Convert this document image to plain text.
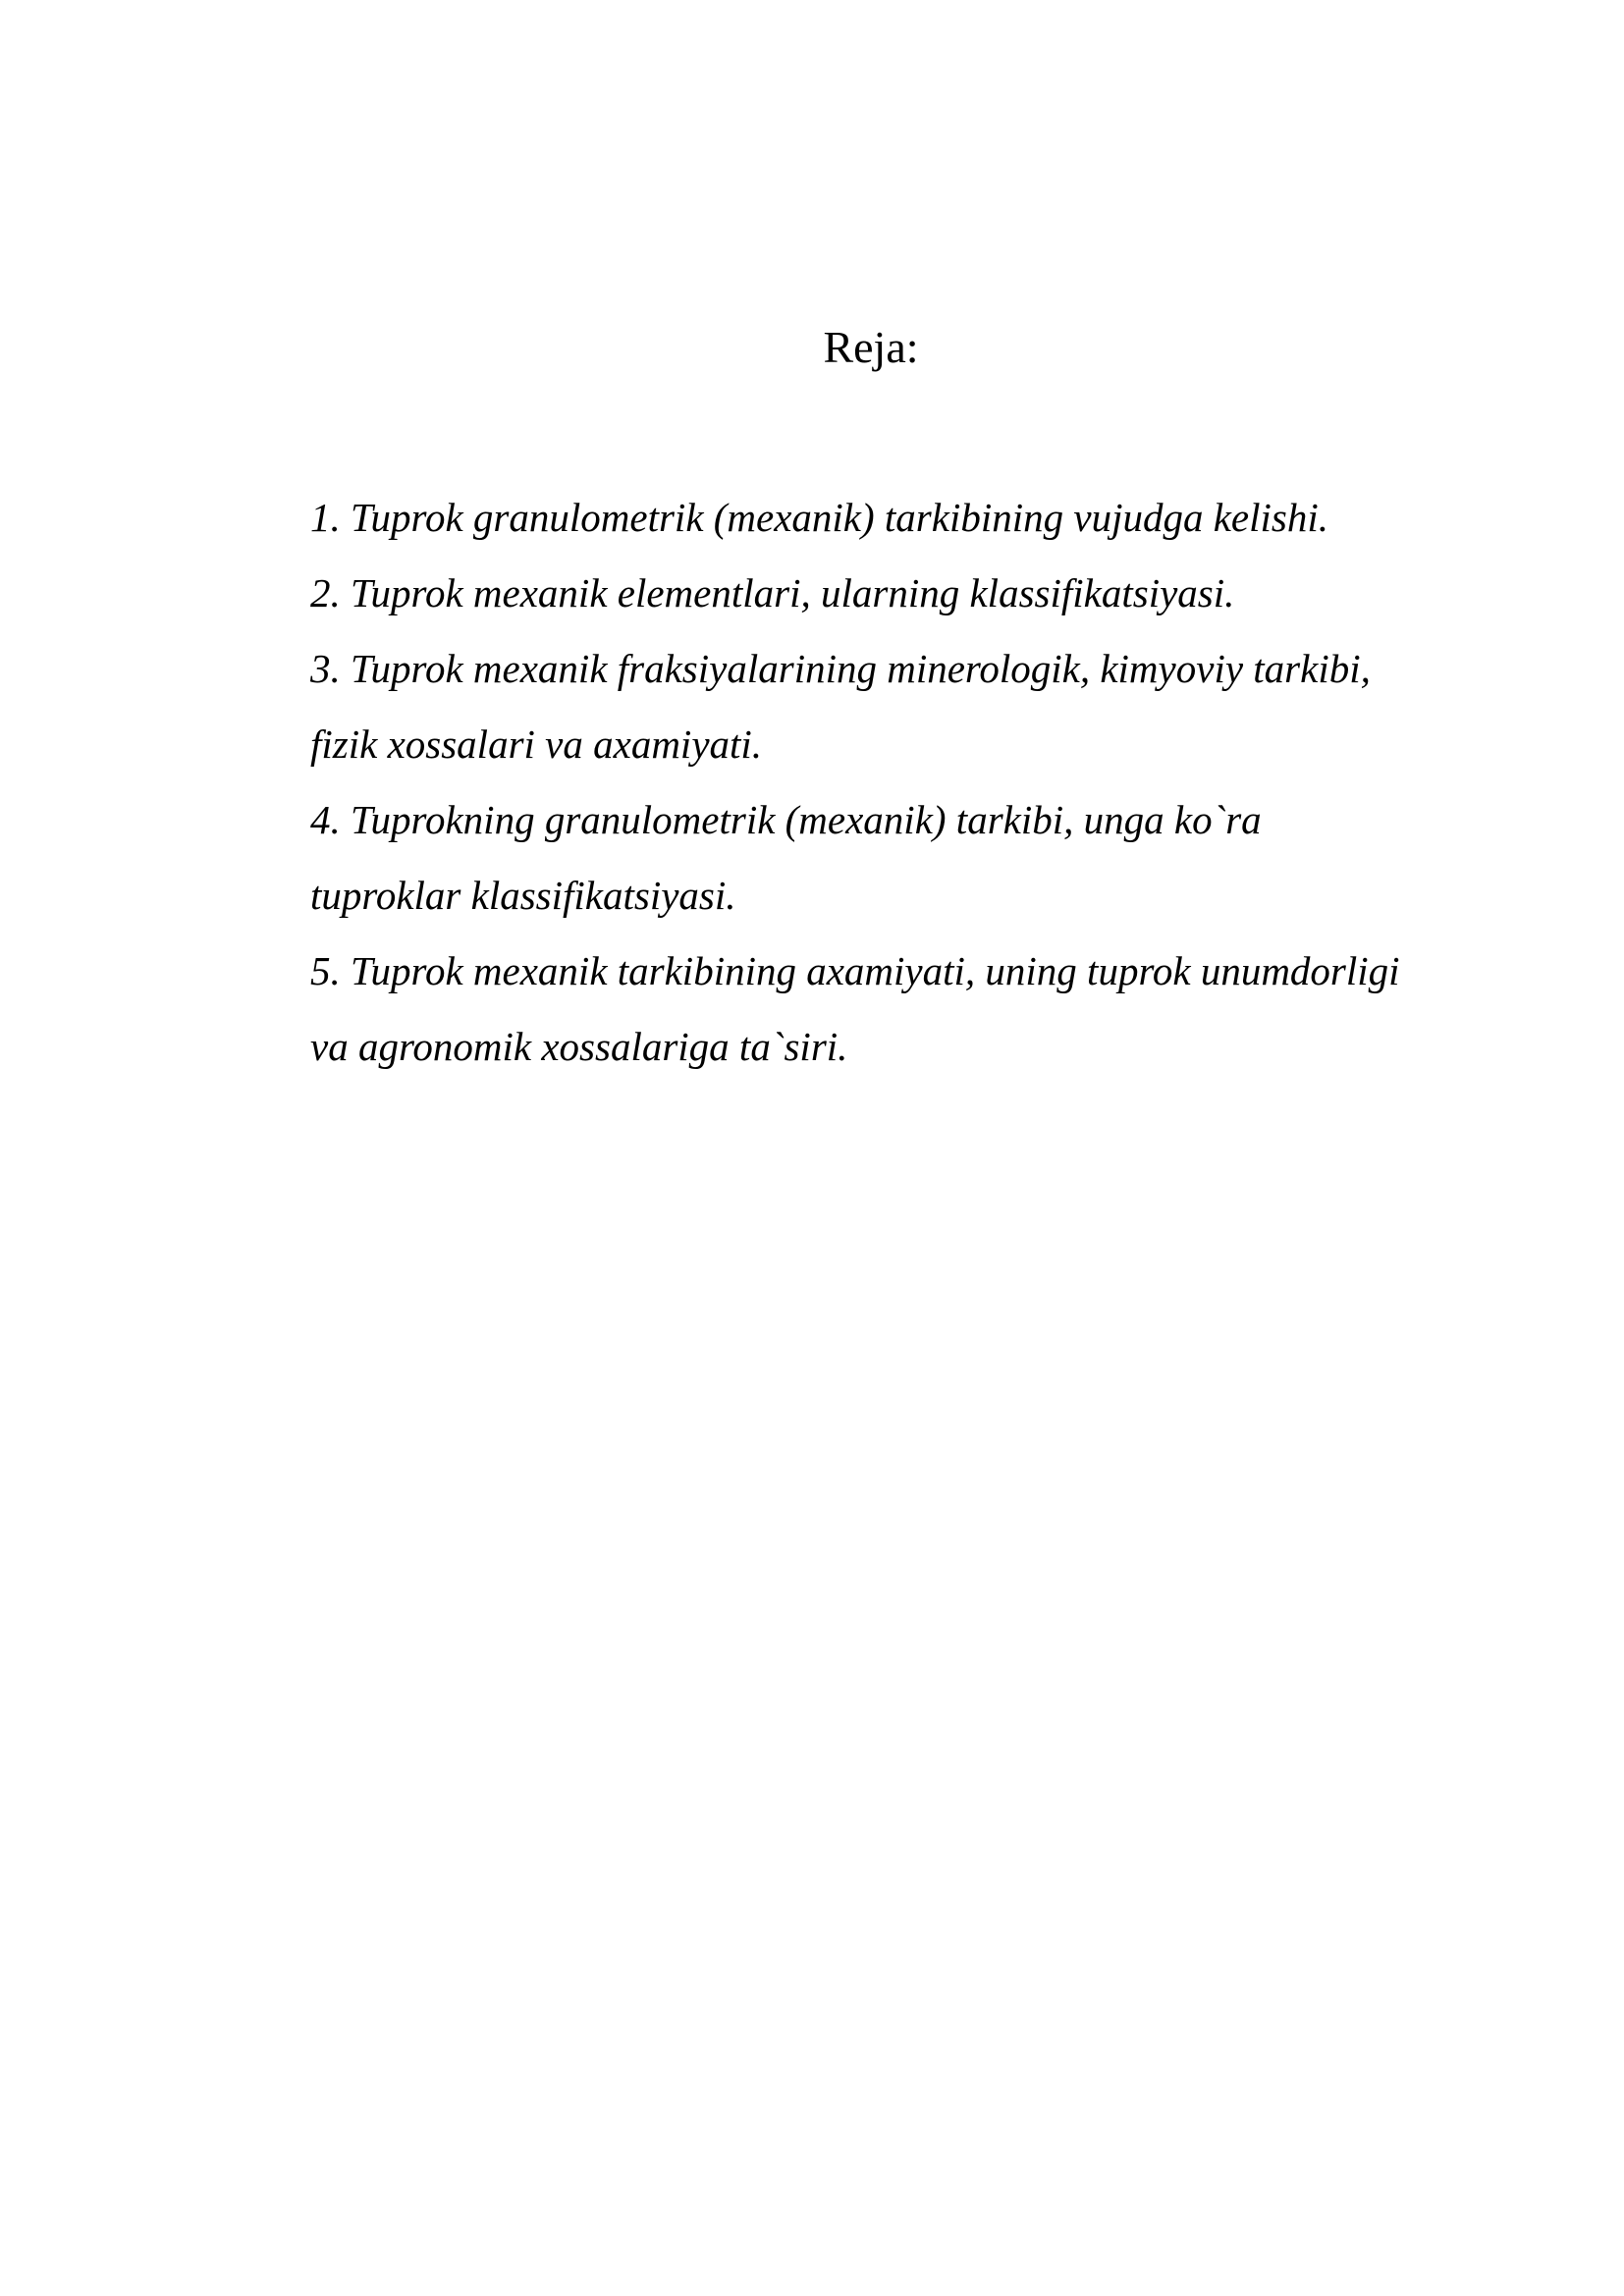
Reja:
1. Tuprok granulometrik (mexanik) tarkibining vujudga kelishi.
2. Tuprok mexanik elementlari, ularning klassifikatsiyasi.
3. Tuprok mexanik fraksiyalarining minerologik, kimyoviy tarkibi,
fizik xossalari va axamiyati.
4. Tuprokning granulometrik (mexanik) tarkibi, unga ko`ra
tuproklar klassifikatsiyasi.
5. Tuprok mexanik tarkibining axamiyati, uning tuprok unumdorligi
va agronomik xossalariga ta`siri.
